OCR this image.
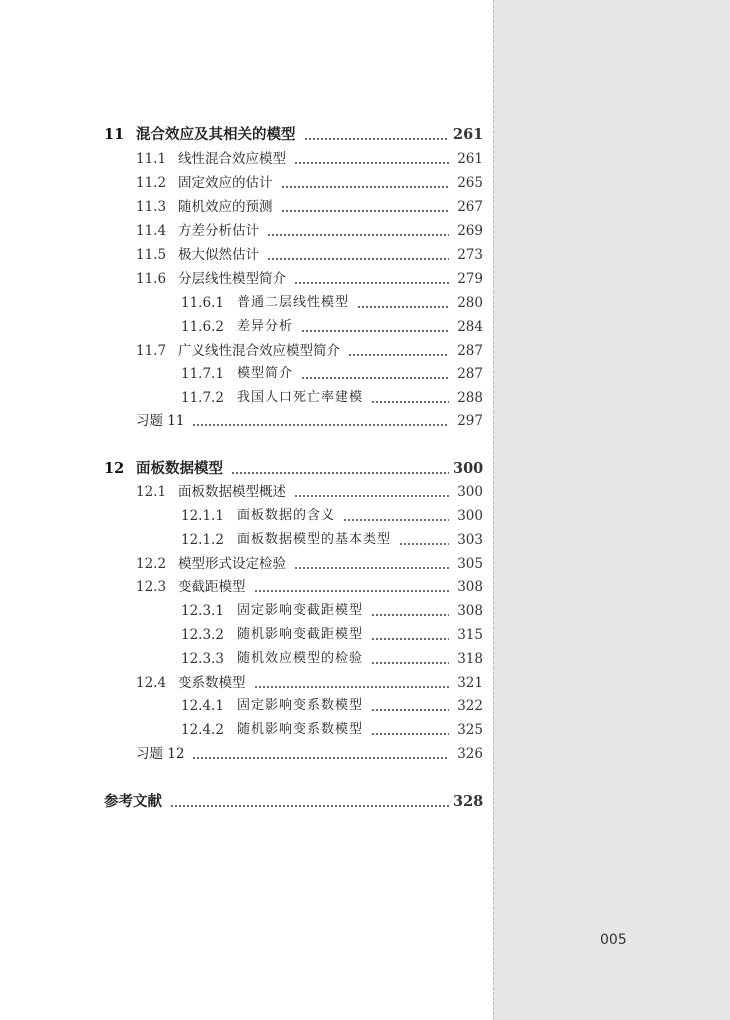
11 混合效应及其相关的模型	261
11.1 线性混合效应模型	261
11.2 固定效应的估计	265
11.3 随机效应的预测	267
11.4 方差分析估计	269
11.5 极大似然估计	273
11.6 分层线性模型简介	279
11.6.1	普通二层线性模型	280
11.6.2	差异分析	284
11.7 广义线性混合效应模型简介	287
11.7.1	模型简介	287
11.7.2	我国人口死亡率建模	288
习题 11	297
12 面板数据模型	300
12.1 面板数据模型概述	300
12.1.1	面板数据的含义	300
12.1.2	面板数据模型的基本类型	303
12.2 模型形式设定检验	305
12.3 变截距模型	308
12.3.1	固定影响变截距模型	308
12.3.2	随机影响变截距模型	315
12.3.3	随机效应模型的检验	318
12.4 变系数模型	321
12.4.1	固定影响变系数模型	322
12.4.2	随机影响变系数模型	325
习题 12	326
参考文献	328
005
